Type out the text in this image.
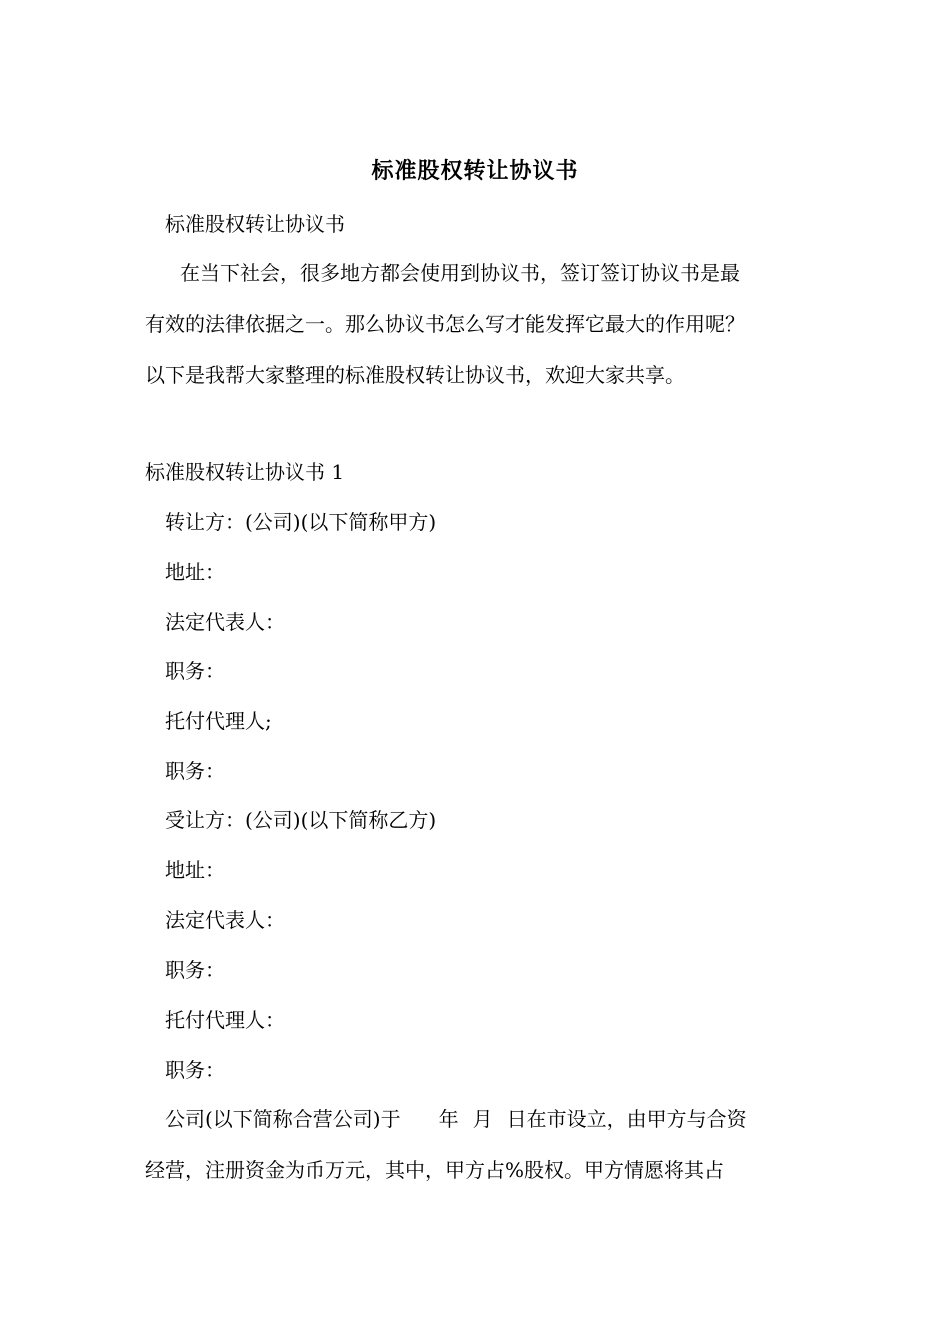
标准股权转让协议书
标准股权转让协议书
在当下社会，很多地方都会使用到协议书，签订签订协议书是最
有效的法律依据之一。那么协议书怎么写才能发挥它最大的作用呢？
以下是我帮大家整理的标准股权转让协议书，欢迎大家共享。
标准股权转让协议书 1
转让方：(公司)(以下简称甲方)
地址：
法定代表人：
职务：
托付代理人;
职务：
受让方：(公司)(以下简称乙方)
地址：
法定代表人：
职务：
托付代理人：
职务：
公司(以下简称合营公司)于 年 月 日在市设立，由甲方与合资
经营，注册资金为币万元，其中，甲方占%股权。甲方情愿将其占
